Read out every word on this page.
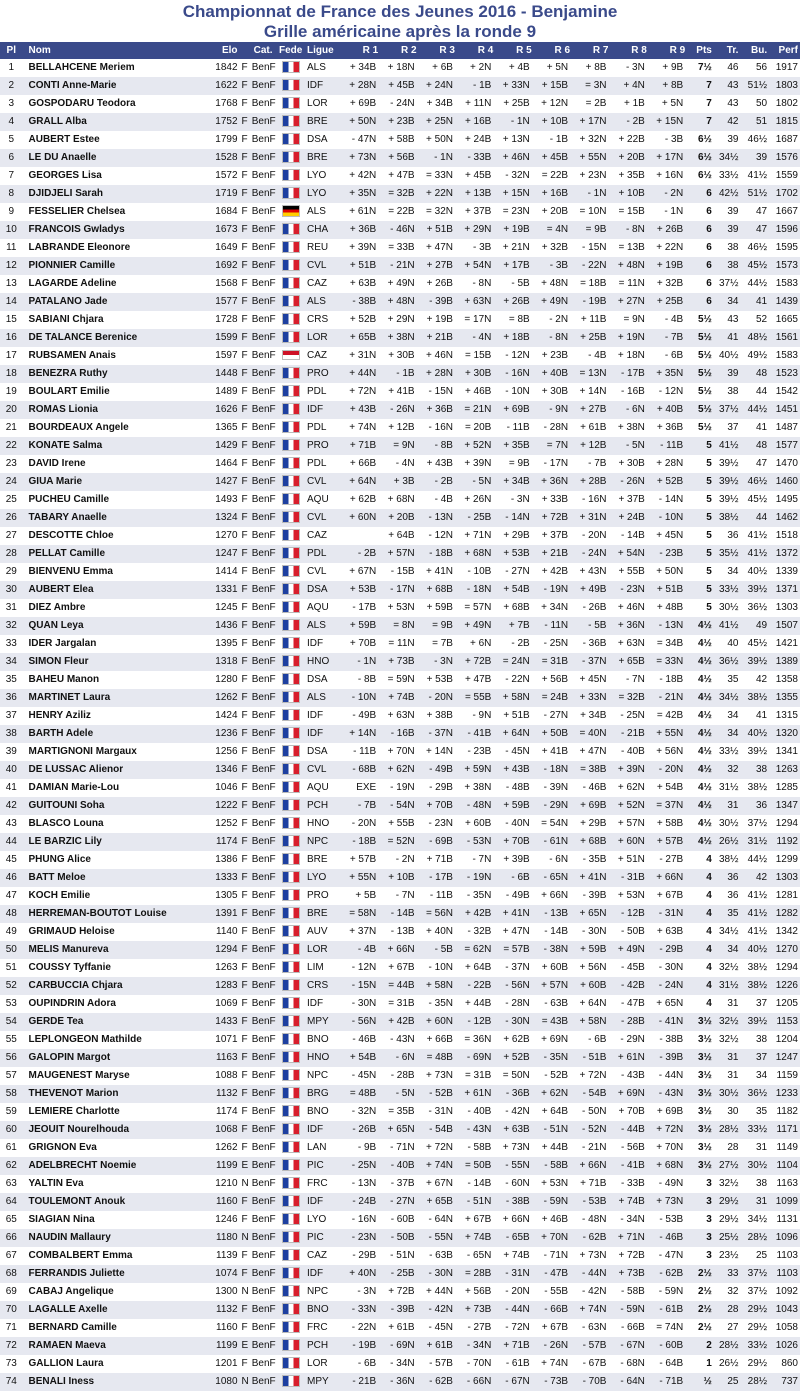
Championnat de France des Jeunes 2016 - Benjamine
Grille américaine après la ronde 9
Pl	Nom	Elo		Cat.	Fede	Ligue	R 1	R 2	R 3	R 4	R 5	R 6	R 7	R 8	R 9	Pts	Tr.	Bu.	Perf
1	BELLAHCENE Meriem	1842	F	BenF		ALS	+ 34B	+ 18N	+ 6B	+ 2N	+ 4B	+ 5N	+ 8B	- 3N	+ 9B	7½	46	56	1917
2	CONTI Anne-Marie	1622	F	BenF		IDF	+ 28N	+ 45B	+ 24N	- 1B	+ 33N	+ 15B	= 3N	+ 4N	+ 8B	7	43	51½	1803
3	GOSPODARU Teodora	1768	F	BenF		LOR	+ 69B	- 24N	+ 34B	+ 11N	+ 25B	+ 12N	= 2B	+ 1B	+ 5N	7	43	50	1802
4	GRALL Alba	1752	F	BenF		BRE	+ 50N	+ 23B	+ 25N	+ 16B	- 1N	+ 10B	+ 17N	- 2B	+ 15N	7	42	51	1815
5	AUBERT Estee	1799	F	BenF		DSA	- 47N	+ 58B	+ 50N	+ 24B	+ 13N	- 1B	+ 32N	+ 22B	- 3B	6½	39	46½	1687
6	LE DU Anaelle	1528	F	BenF		BRE	+ 73N	+ 56B	- 1N	- 33B	+ 46N	+ 45B	+ 55N	+ 20B	+ 17N	6½	34½	39	1576
7	GEORGES Lisa	1572	F	BenF		LYO	+ 42N	+ 47B	= 33N	+ 45B	- 32N	= 22B	+ 23N	+ 35B	+ 16N	6½	33½	41½	1559
8	DJIDJELI Sarah	1719	F	BenF		LYO	+ 35N	= 32B	+ 22N	+ 13B	+ 15N	+ 16B	- 1N	+ 10B	- 2N	6	42½	51½	1702
9	FESSELIER Chelsea	1684	F	BenF		ALS	+ 61N	= 22B	= 32N	+ 37B	= 23N	+ 20B	= 10N	= 15B	- 1N	6	39	47	1667
10	FRANCOIS Gwladys	1673	F	BenF		CHA	+ 36B	- 46N	+ 51B	+ 29N	+ 19B	= 4N	= 9B	- 8N	+ 26B	6	39	47	1596
11	LABRANDE Eleonore	1649	F	BenF		REU	+ 39N	= 33B	+ 47N	- 3B	+ 21N	+ 32B	- 15N	= 13B	+ 22N	6	38	46½	1595
12	PIONNIER Camille	1692	F	BenF		CVL	+ 51B	- 21N	+ 27B	+ 54N	+ 17B	- 3B	- 22N	+ 48N	+ 19B	6	38	45½	1573
13	LAGARDE Adeline	1568	F	BenF		CAZ	+ 63B	+ 49N	+ 26B	- 8N	- 5B	+ 48N	= 18B	= 11N	+ 32B	6	37½	44½	1583
14	PATALANO Jade	1577	F	BenF		ALS	- 38B	+ 48N	- 39B	+ 63N	+ 26B	+ 49N	- 19B	+ 27N	+ 25B	6	34	41	1439
15	SABIANI Chjara	1728	F	BenF		CRS	+ 52B	+ 29N	+ 19B	= 17N	= 8B	- 2N	+ 11B	= 9N	- 4B	5½	43	52	1665
16	DE TALANCE Berenice	1599	F	BenF		LOR	+ 65B	+ 38N	+ 21B	- 4N	+ 18B	- 8N	+ 25B	+ 19N	- 7B	5½	41	48½	1561
17	RUBSAMEN Anais	1597	F	BenF		CAZ	+ 31N	+ 30B	+ 46N	= 15B	- 12N	+ 23B	- 4B	+ 18N	- 6B	5½	40½	49½	1583
18	BENEZRA Ruthy	1448	F	BenF		PRO	+ 44N	- 1B	+ 28N	+ 30B	- 16N	+ 40B	= 13N	- 17B	+ 35N	5½	39	48	1523
19	BOULART Emilie	1489	F	BenF		PDL	+ 72N	+ 41B	- 15N	+ 46B	- 10N	+ 30B	+ 14N	- 16B	- 12N	5½	38	44	1542
20	ROMAS Lionia	1626	F	BenF		IDF	+ 43B	- 26N	+ 36B	= 21N	+ 69B	- 9N	+ 27B	- 6N	+ 40B	5½	37½	44½	1451
21	BOURDEAUX Angele	1365	F	BenF		PDL	+ 74N	+ 12B	- 16N	= 20B	- 11B	- 28N	+ 61B	+ 38N	+ 36B	5½	37	41	1487
22	KONATE Salma	1429	F	BenF		PRO	+ 71B	= 9N	- 8B	+ 52N	+ 35B	= 7N	+ 12B	- 5N	- 11B	5	41½	48	1577
23	DAVID Irene	1464	F	BenF		PDL	+ 66B	- 4N	+ 43B	+ 39N	= 9B	- 17N	- 7B	+ 30B	+ 28N	5	39½	47	1470
24	GIUA Marie	1427	F	BenF		CVL	+ 64N	+ 3B	- 2B	- 5N	+ 34B	+ 36N	+ 28B	- 26N	+ 52B	5	39½	46½	1460
25	PUCHEU Camille	1493	F	BenF		AQU	+ 62B	+ 68N	- 4B	+ 26N	- 3N	+ 33B	- 16N	+ 37B	- 14N	5	39½	45½	1495
26	TABARY Anaelle	1324	F	BenF		CVL	+ 60N	+ 20B	- 13N	- 25B	- 14N	+ 72B	+ 31N	+ 24B	- 10N	5	38½	44	1462
27	DESCOTTE Chloe	1270	F	BenF		CAZ		+ 64B	- 12N	+ 71N	+ 29B	+ 37B	- 20N	- 14B	+ 45N	5	36	41½	1518
28	PELLAT Camille	1247	F	BenF		PDL	- 2B	+ 57N	- 18B	+ 68N	+ 53B	+ 21B	- 24N	+ 54N	- 23B	5	35½	41½	1372
29	BIENVENU Emma	1414	F	BenF		CVL	+ 67N	- 15B	+ 41N	- 10B	- 27N	+ 42B	+ 43N	+ 55B	+ 50N	5	34	40½	1339
30	AUBERT Elea	1331	F	BenF		DSA	+ 53B	- 17N	+ 68B	- 18N	+ 54B	- 19N	+ 49B	- 23N	+ 51B	5	33½	39½	1371
31	DIEZ Ambre	1245	F	BenF		AQU	- 17B	+ 53N	+ 59B	= 57N	+ 68B	+ 34N	- 26B	+ 46N	+ 48B	5	30½	36½	1303
32	QUAN Leya	1436	F	BenF		ALS	+ 59B	= 8N	= 9B	+ 49N	+ 7B	- 11N	- 5B	+ 36N	- 13N	4½	41½	49	1507
33	IDER Jargalan	1395	F	BenF		IDF	+ 70B	= 11N	= 7B	+ 6N	- 2B	- 25N	- 36B	+ 63N	= 34B	4½	40	45½	1421
34	SIMON Fleur	1318	F	BenF		HNO	- 1N	+ 73B	- 3N	+ 72B	= 24N	= 31B	- 37N	+ 65B	= 33N	4½	36½	39½	1389
35	BAHEU Manon	1280	F	BenF		DSA	- 8B	= 59N	+ 53B	+ 47B	- 22N	+ 56B	+ 45N	- 7N	- 18B	4½	35	42	1358
36	MARTINET Laura	1262	F	BenF		ALS	- 10N	+ 74B	- 20N	= 55B	+ 58N	= 24B	+ 33N	= 32B	- 21N	4½	34½	38½	1355
37	HENRY Aziliz	1424	F	BenF		IDF	- 49B	+ 63N	+ 38B	- 9N	+ 51B	- 27N	+ 34B	- 25N	= 42B	4½	34	41	1315
38	BARTH Adele	1236	F	BenF		IDF	+ 14N	- 16B	- 37N	- 41B	+ 64N	+ 50B	= 40N	- 21B	+ 55N	4½	34	40½	1320
39	MARTIGNONI Margaux	1256	F	BenF		DSA	- 11B	+ 70N	+ 14N	- 23B	- 45N	+ 41B	+ 47N	- 40B	+ 56N	4½	33½	39½	1341
40	DE LUSSAC Alienor	1346	F	BenF		CVL	- 68B	+ 62N	- 49B	+ 59N	+ 43B	- 18N	= 38B	+ 39N	- 20N	4½	32	38	1263
41	DAMIAN Marie-Lou	1046	F	BenF		AQU	EXE	- 19N	- 29B	+ 38N	- 48B	- 39N	- 46B	+ 62N	+ 54B	4½	31½	38½	1285
42	GUITOUNI Soha	1222	F	BenF		PCH	- 7B	- 54N	+ 70B	- 48N	+ 59B	- 29N	+ 69B	+ 52N	= 37N	4½	31	36	1347
43	BLASCO Louna	1252	F	BenF		HNO	- 20N	+ 55B	- 23N	+ 60B	- 40N	= 54N	+ 29B	+ 57N	+ 58B	4½	30½	37½	1294
44	LE BARZIC Lily	1174	F	BenF		NPC	- 18B	= 52N	- 69B	- 53N	+ 70B	- 61N	+ 68B	+ 60N	+ 57B	4½	26½	31½	1192
45	PHUNG Alice	1386	F	BenF		BRE	+ 57B	- 2N	+ 71B	- 7N	+ 39B	- 6N	- 35B	+ 51N	- 27B	4	38½	44½	1299
46	BATT Meloe	1333	F	BenF		LYO	+ 55N	+ 10B	- 17B	- 19N	- 6B	- 65N	+ 41N	- 31B	+ 66N	4	36	42	1303
47	KOCH Emilie	1305	F	BenF		PRO	+ 5B	- 7N	- 11B	- 35N	- 49B	+ 66N	- 39B	+ 53N	+ 67B	4	36	41½	1281
48	HERREMAN-BOUTOT Louise	1391	F	BenF		BRE	= 58N	- 14B	= 56N	+ 42B	+ 41N	- 13B	+ 65N	- 12B	- 31N	4	35	41½	1282
49	GRIMAUD Heloise	1140	F	BenF		AUV	+ 37N	- 13B	+ 40N	- 32B	+ 47N	- 14B	- 30N	- 50B	+ 63B	4	34½	41½	1342
50	MELIS Manureva	1294	F	BenF		LOR	- 4B	+ 66N	- 5B	= 62N	= 57B	- 38N	+ 59B	+ 49N	- 29B	4	34	40½	1270
51	COUSSY Tyffanie	1263	F	BenF		LIM	- 12N	+ 67B	- 10N	+ 64B	- 37N	+ 60B	+ 56N	- 45B	- 30N	4	32½	38½	1294
52	CARBUCCIA Chjara	1283	F	BenF		CRS	- 15N	= 44B	+ 58N	- 22B	- 56N	+ 57N	+ 60B	- 42B	- 24N	4	31½	38½	1226
53	OUPINDRIN Adora	1069	F	BenF		IDF	- 30N	= 31B	- 35N	+ 44B	- 28N	- 63B	+ 64N	- 47B	+ 65N	4	31	37	1205
54	GERDE Tea	1433	F	BenF		MPY	- 56N	+ 42B	+ 60N	- 12B	- 30N	= 43B	+ 58N	- 28B	- 41N	3½	32½	39½	1153
55	LEPLONGEON Mathilde	1071	F	BenF		BNO	- 46B	- 43N	+ 66B	= 36N	+ 62B	+ 69N	- 6B	- 29N	- 38B	3½	32½	38	1204
56	GALOPIN Margot	1163	F	BenF		HNO	+ 54B	- 6N	= 48B	- 69N	+ 52B	- 35N	- 51B	+ 61N	- 39B	3½	31	37	1247
57	MAUGENEST Maryse	1088	F	BenF		NPC	- 45N	- 28B	+ 73N	= 31B	= 50N	- 52B	+ 72N	- 43B	- 44N	3½	31	34	1159
58	THEVENOT Marion	1132	F	BenF		BRG	= 48B	- 5N	- 52B	+ 61N	- 36B	+ 62N	- 54B	+ 69N	- 43N	3½	30½	36½	1233
59	LEMIERE Charlotte	1174	F	BenF		BNO	- 32N	= 35B	- 31N	- 40B	- 42N	+ 64B	- 50N	+ 70B	+ 69B	3½	30	35	1182
60	JEOUIT Nourelhouda	1068	F	BenF		IDF	- 26B	+ 65N	- 54B	- 43N	+ 63B	- 51N	- 52N	- 44B	+ 72N	3½	28½	33½	1171
61	GRIGNON Eva	1262	F	BenF		LAN	- 9B	- 71N	+ 72N	- 58B	+ 73N	+ 44B	- 21N	- 56B	+ 70N	3½	28	31	1149
62	ADELBRECHT Noemie	1199	E	BenF		PIC	- 25N	- 40B	+ 74N	= 50B	- 55N	- 58B	+ 66N	- 41B	+ 68N	3½	27½	30½	1104
63	YALTIN Eva	1210	N	BenF		FRC	- 13N	- 37B	+ 67N	- 14B	- 60N	+ 53N	+ 71B	- 33B	- 49N	3	32½	38	1163
64	TOULEMONT Anouk	1160	F	BenF		IDF	- 24B	- 27N	+ 65B	- 51N	- 38B	- 59N	- 53B	+ 74B	+ 73N	3	29½	31	1099
65	SIAGIAN Nina	1246	F	BenF		LYO	- 16N	- 60B	- 64N	+ 67B	+ 66N	+ 46B	- 48N	- 34N	- 53B	3	29½	34½	1131
66	NAUDIN Mallaury	1180	N	BenF		PIC	- 23N	- 50B	- 55N	+ 74B	- 65B	+ 70N	- 62B	+ 71N	- 46B	3	25½	28½	1096
67	COMBALBERT Emma	1139	F	BenF		CAZ	- 29B	- 51N	- 63B	- 65N	+ 74B	- 71N	+ 73N	+ 72B	- 47N	3	23½	25	1103
68	FERRANDIS Juliette	1074	F	BenF		IDF	+ 40N	- 25B	- 30N	= 28B	- 31N	- 47B	- 44N	+ 73B	- 62B	2½	33	37½	1103
69	CABAJ Angelique	1300	N	BenF		NPC	- 3N	+ 72B	+ 44N	+ 56B	- 20N	- 55B	- 42N	- 58B	- 59N	2½	32	37½	1092
70	LAGALLE Axelle	1132	F	BenF		BNO	- 33N	- 39B	- 42N	+ 73B	- 44N	- 66B	+ 74N	- 59N	- 61B	2½	28	29½	1043
71	BERNARD Camille	1160	F	BenF		FRC	- 22N	+ 61B	- 45N	- 27B	- 72N	+ 67B	- 63N	- 66B	= 74N	2½	27	29½	1058
72	RAMAEN Maeva	1199	E	BenF		PCH	- 19B	- 69N	+ 61B	- 34N	+ 71B	- 26N	- 57B	- 67N	- 60B	2	28½	33½	1026
73	GALLION Laura	1201	F	BenF		LOR	- 6B	- 34N	- 57B	- 70N	- 61B	+ 74N	- 67B	- 68N	- 64B	1	26½	29½	860
74	BENALI Iness	1080	N	BenF		MPY	- 21B	- 36N	- 62B	- 66N	- 67N	- 73B	- 70B	- 64N	- 71B	½	25	28½	737
